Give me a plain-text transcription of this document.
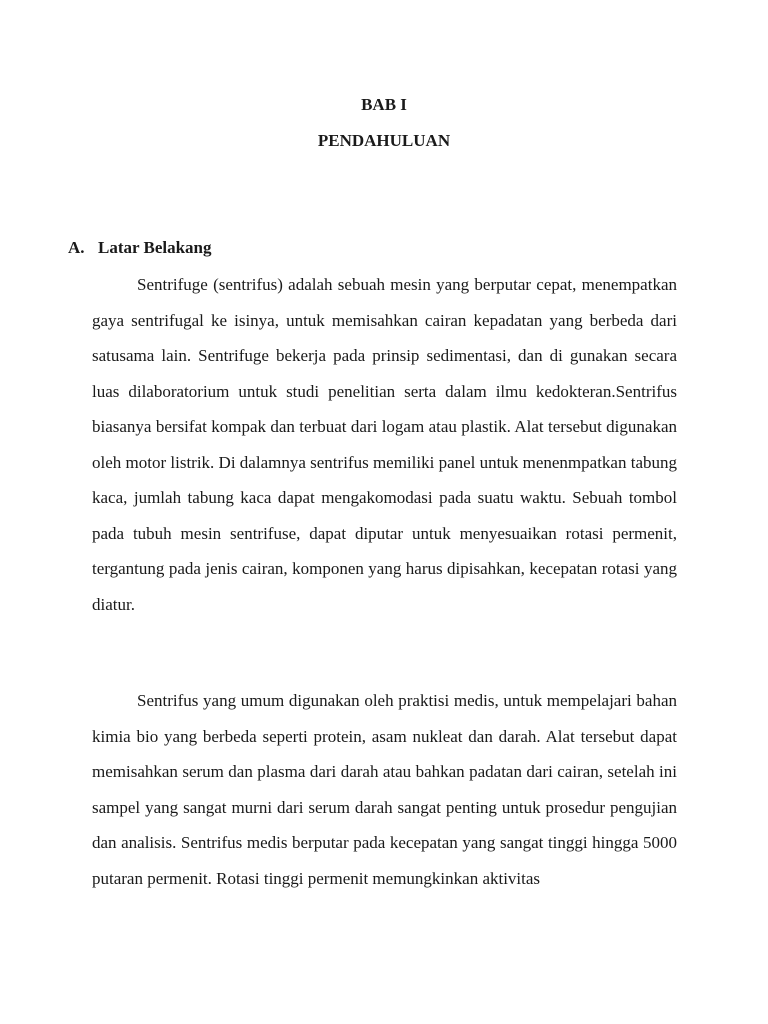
BAB I
PENDAHULUAN
A. Latar Belakang

Sentrifuge (sentrifus) adalah sebuah mesin yang berputar cepat, menempatkan gaya sentrifugal ke isinya, untuk memisahkan cairan kepadatan yang berbeda dari satusama lain. Sentrifuge bekerja pada prinsip sedimentasi, dan di gunakan secara luas dilaboratorium untuk studi penelitian serta dalam ilmu kedokteran.Sentrifus biasanya bersifat kompak dan terbuat dari logam atau plastik. Alat tersebut digunakan oleh motor listrik. Di dalamnya sentrifus memiliki panel untuk menenmpatkan tabung kaca, jumlah tabung kaca dapat mengakomodasi pada suatu waktu. Sebuah tombol pada tubuh mesin sentrifuse, dapat diputar untuk menyesuaikan rotasi permenit, tergantung pada jenis cairan, komponen yang harus dipisahkan, kecepatan rotasi yang diatur.

Sentrifus yang umum digunakan oleh praktisi medis, untuk mempelajari bahan kimia bio yang berbeda seperti protein, asam nukleat dan darah. Alat tersebut dapat memisahkan serum dan plasma dari darah atau bahkan padatan dari cairan, setelah ini sampel yang sangat murni dari serum darah sangat penting untuk prosedur pengujian dan analisis. Sentrifus medis berputar pada kecepatan yang sangat tinggi hingga 5000 putaran permenit. Rotasi tinggi permenit memungkinkan aktivitas
